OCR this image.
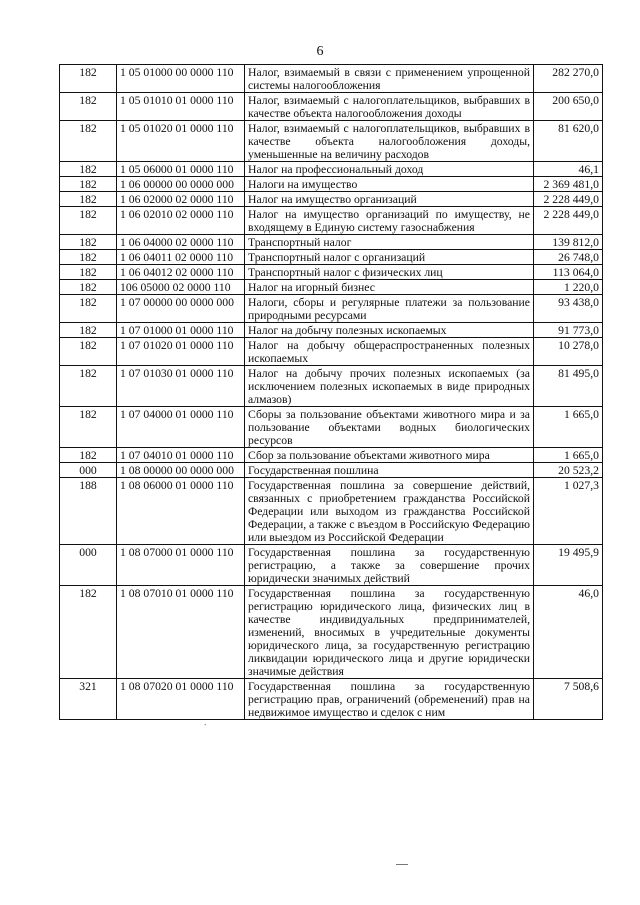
6
182	1 05 01000 00 0000 110	Налог, взимаемый в связи с применением упрощенной системы налогообложения	282 270,0
182	1 05 01010 01 0000 110	Налог, взимаемый с налогоплательщиков, выбравших в качестве объекта налогообложения доходы	200 650,0
182	1 05 01020 01 0000 110	Налог, взимаемый с налогоплательщиков, выбравших в качестве объекта налогообложения доходы, уменьшенные на величину расходов	81 620,0
182	1 05 06000 01 0000 110	Налог на профессиональный доход	46,1
182	1 06 00000 00 0000 000	Налоги на имущество	2 369 481,0
182	1 06 02000 02 0000 110	Налог на имущество организаций	2 228 449,0
182	1 06 02010 02 0000 110	Налог на имущество организаций по имуществу, не входящему в Единую систему газоснабжения	2 228 449,0
182	1 06 04000 02 0000 110	Транспортный налог	139 812,0
182	1 06 04011 02 0000 110	Транспортный налог с организаций	26 748,0
182	1 06 04012 02 0000 110	Транспортный налог с физических лиц	113 064,0
182	106 05000 02 0000 110	Налог на игорный бизнес	1 220,0
182	1 07 00000 00 0000 000	Налоги, сборы и регулярные платежи за пользование природными ресурсами	93 438,0
182	1 07 01000 01 0000 110	Налог на добычу полезных ископаемых	91 773,0
182	1 07 01020 01 0000 110	Налог на добычу общераспространенных полезных ископаемых	10 278,0
182	1 07 01030 01 0000 110	Налог на добычу прочих полезных ископаемых (за исключением полезных ископаемых в виде природных алмазов)	81 495,0
182	1 07 04000 01 0000 110	Сборы за пользование объектами животного мира и за пользование объектами водных биологических ресурсов	1 665,0
182	1 07 04010 01 0000 110	Сбор за пользование объектами животного мира	1 665,0
000	1 08 00000 00 0000 000	Государственная пошлина	20 523,2
188	1 08 06000 01 0000 110	Государственная пошлина за совершение действий, связанных с приобретением гражданства Российской Федерации или выходом из гражданства Российской Федерации, а также с въездом в Российскую Федерацию или выездом из Российской Федерации	1 027,3
000	1 08 07000 01 0000 110	Государственная пошлина за государственную регистрацию, а также за совершение прочих юридически значимых действий	19 495,9
182	1 08 07010 01 0000 110	Государственная пошлина за государственную регистрацию юридического лица, физических лиц в качестве индивидуальных предпринимателей, изменений, вносимых в учредительные документы юридического лица, за государственную регистрацию ликвидации юридического лица и другие юридически значимые действия	46,0
321	1 08 07020 01 0000 110	Государственная пошлина за государственную регистрацию прав, ограничений (обременений) прав на недвижимое имущество и сделок с ним	7 508,6
∙
